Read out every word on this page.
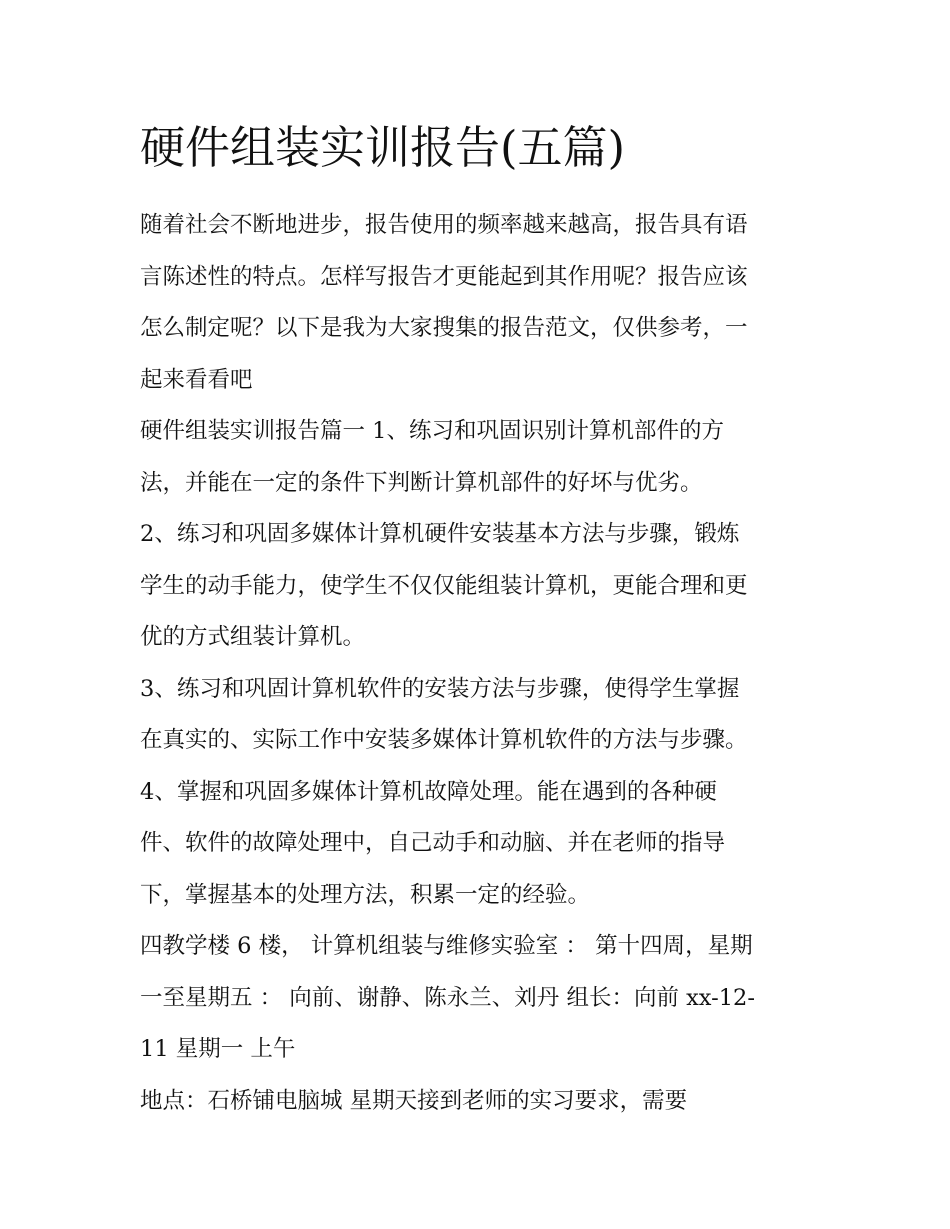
硬件组装实训报告(五篇)

随着社会不断地进步，报告使用的频率越来越高，报告具有语

言陈述性的特点。怎样写报告才更能起到其作用呢？报告应该

怎么制定呢？以下是我为大家搜集的报告范文，仅供参考，一

起来看看吧

硬件组装实训报告篇一 1、练习和巩固识别计算机部件的方

法，并能在一定的条件下判断计算机部件的好坏与优劣。

2、练习和巩固多媒体计算机硬件安装基本方法与步骤，锻炼

学生的动手能力，使学生不仅仅能组装计算机，更能合理和更

优的方式组装计算机。

3、练习和巩固计算机软件的安装方法与步骤，使得学生掌握

在真实的、实际工作中安装多媒体计算机软件的方法与步骤。

4、掌握和巩固多媒体计算机故障处理。能在遇到的各种硬

件、软件的故障处理中，自己动手和动脑、并在老师的指导

下，掌握基本的处理方法，积累一定的经验。

四教学楼 6 楼， 计算机组装与维修实验室 ： 第十四周，星期

一至星期五 ： 向前、谢静、陈永兰、刘丹 组长：向前 xx-12-

11 星期一 上午

地点：石桥铺电脑城 星期天接到老师的实习要求，需要
